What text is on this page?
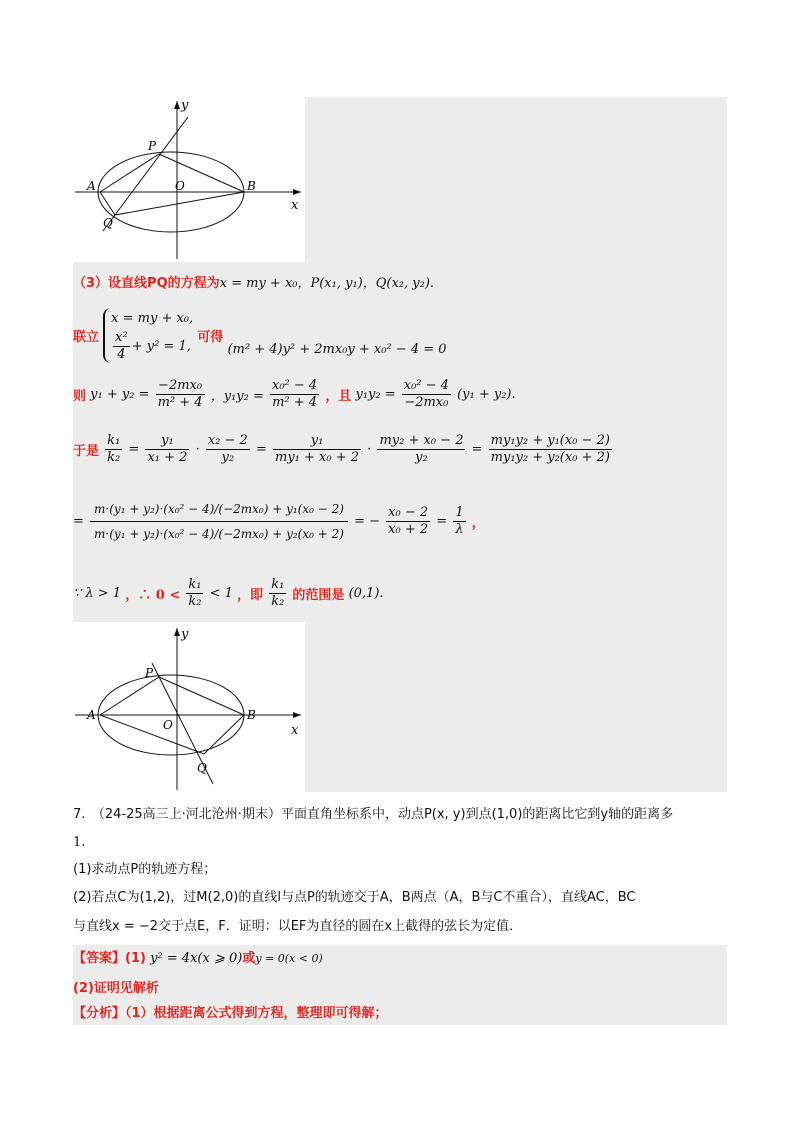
y
x
P
A	O	B
Q
（3）设直线PQ的方程为x = my + x₀，P(x₁, y₁)，Q(x₂, y₂).
联立
x = my + x₀,
$\frac{\text{x²}}{4} + y^2 = 1$,
可得 (m² + 4)y² + 2mx₀y + x₀² − 4 = 0
则 $y_1 + y_2 = \frac{\text{−2mx₀}}{\text{m² + 4}}$ ，$y_1y_2 = \frac{\text{x₀² − 4}}{\text{m² + 4}}$ ，且 $y_1y_2 = \frac{\text{x₀² − 4}}{\text{−2mx₀}} (y_1 + y_2)$.
于是 $\frac{\text{k₁}}{\text{k₂}} = \frac{\text{y₁}}{\text{x₁ + 2}} \cdot \frac{\text{x₂ − 2}}{\text{y₂}} = \frac{\text{y₁}}{\text{my₁ + x₀ + 2}} \cdot \frac{\text{my₂ + x₀ − 2}}{\text{y₂}} = \frac{\text{my₁y₂ + y₁(x₀ − 2)}}{\text{my₁y₂ + y₂(x₀ + 2)}}$
= $\frac{\text{m·(y₁ + y₂)·(x₀² − 4)/(−2mx₀) + y₁(x₀ − 2)}}{\text{m·(y₁ + y₂)·(x₀² − 4)/(−2mx₀) + y₂(x₀ + 2)}}$ = − $\frac{\text{x₀ − 2}}{\text{x₀ + 2}} = \frac{1}{\lambda}$ ，
∵ λ > 1 ，∴ $0 < \frac{\text{k₁}}{\text{k₂}} < 1$ ，即 $\frac{\text{k₁}}{\text{k₂}}$ 的范围是 (0,1).
y
x
P
A
O
B
Q
7.　（24-25高三上·河北沧州·期末）平面直角坐标系中，动点P(x, y)到点(1,0)的距离比它到y轴的距离多
1.
(1)求动点P的轨迹方程；
(2)若点C为(1,2)，过M(2,0)的直线l与点P的轨迹交于A，B两点（A，B与C不重合），直线AC，BC
与直线x = −2交于点E，F．证明：以EF为直径的圆在x上截得的弦长为定值．
【答案】(1) y² = 4x(x ⩾ 0)或y = 0(x < 0)
(2)证明见解析
【分析】（1）根据距离公式得到方程，整理即可得解；
